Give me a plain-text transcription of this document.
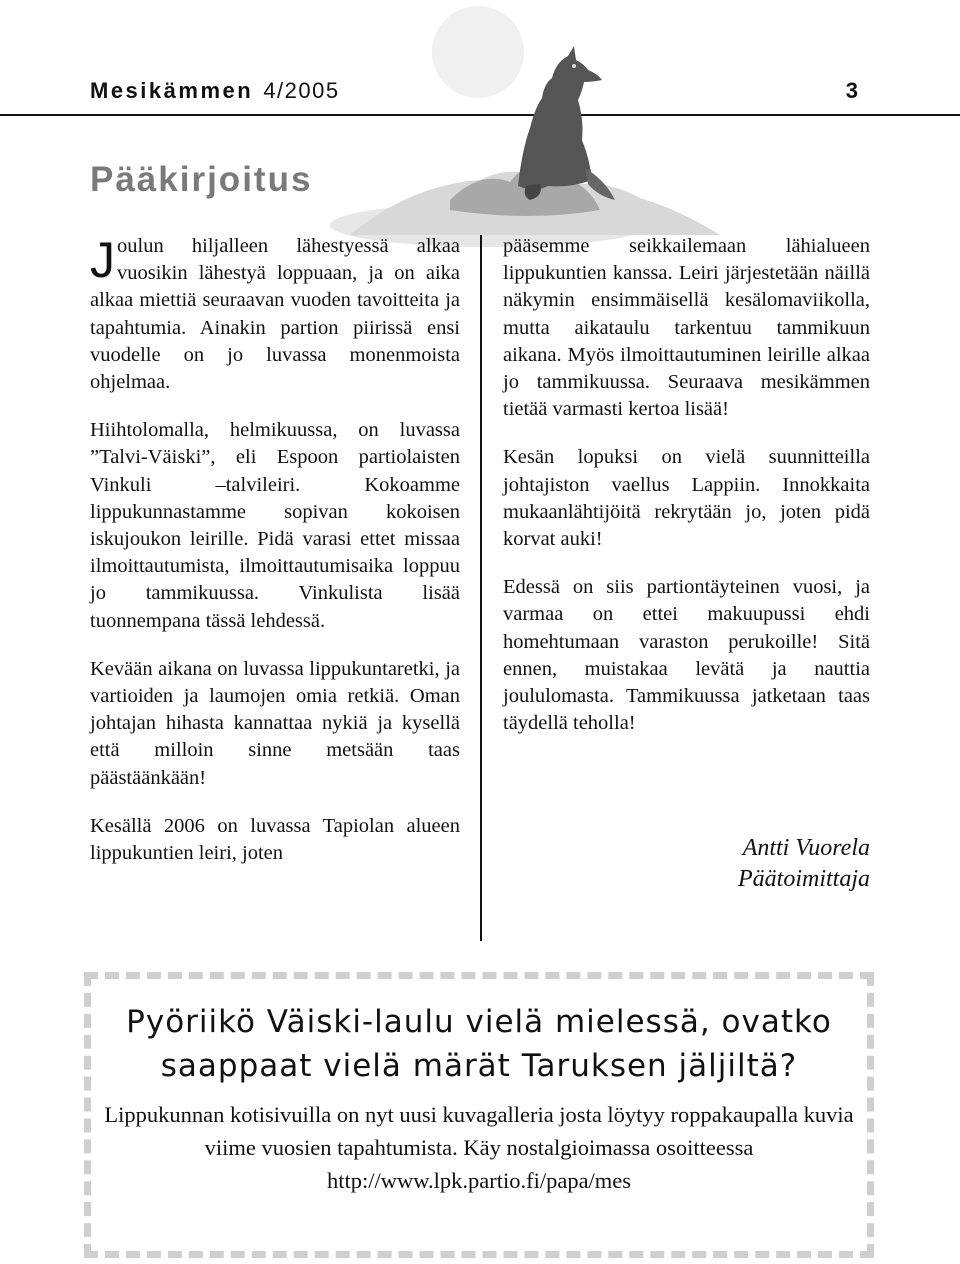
Mesikämmen 4/2005	3
Pääkirjoitus

Joulun hiljalleen lähestyessä alkaa vuosikin lähestyä loppuaan, ja on aika alkaa miettiä seuraavan vuoden tavoitteita ja tapahtumia. Ainakin partion piirissä ensi vuodelle on jo luvassa monenmoista ohjelmaa.

Hiihtolomalla, helmikuussa, on luvassa ”Talvi-Väiski”, eli Espoon partiolaisten Vinkuli –talvileiri. Kokoamme lippukunnastamme sopivan kokoisen iskujoukon leirille. Pidä varasi ettet missaa ilmoittautumista, ilmoittautumisaika loppuu jo tammikuussa. Vinkulista lisää tuonnempana tässä lehdessä.

Kevään aikana on luvassa lippukuntaretki, ja vartioiden ja laumojen omia retkiä. Oman johtajan hihasta kannattaa nykiä ja kysellä että milloin sinne metsään taas päästäänkään!

Kesällä 2006 on luvassa Tapiolan alueen lippukuntien leiri, joten

pääsemme seikkailemaan lähialueen lippukuntien kanssa. Leiri järjestetään näillä näkymin ensimmäisellä kesälomaviikolla, mutta aikataulu tarkentuu tammikuun aikana. Myös ilmoittautuminen leirille alkaa jo tammikuussa. Seuraava mesikämmen tietää varmasti kertoa lisää!

Kesän lopuksi on vielä suunnitteilla johtajiston vaellus Lappiin. Innokkaita mukaanlähtijöitä rekrytään jo, joten pidä korvat auki!

Edessä on siis partiontäyteinen vuosi, ja varmaa on ettei makuupussi ehdi homehtumaan varaston perukoille! Sitä ennen, muistakaa levätä ja nauttia joululomasta. Tammikuussa jatketaan taas täydellä teholla!

Antti Vuorela
Päätoimittaja
Pyöriikö Väiski-laulu vielä mielessä, ovatko saappaat vielä märät Taruksen jäljiltä?
Lippukunnan kotisivuilla on nyt uusi kuvagalleria josta löytyy roppakaupalla kuvia viime vuosien tapahtumista. Käy nostalgioimassa osoitteessa http://www.lpk.partio.fi/papa/mes
